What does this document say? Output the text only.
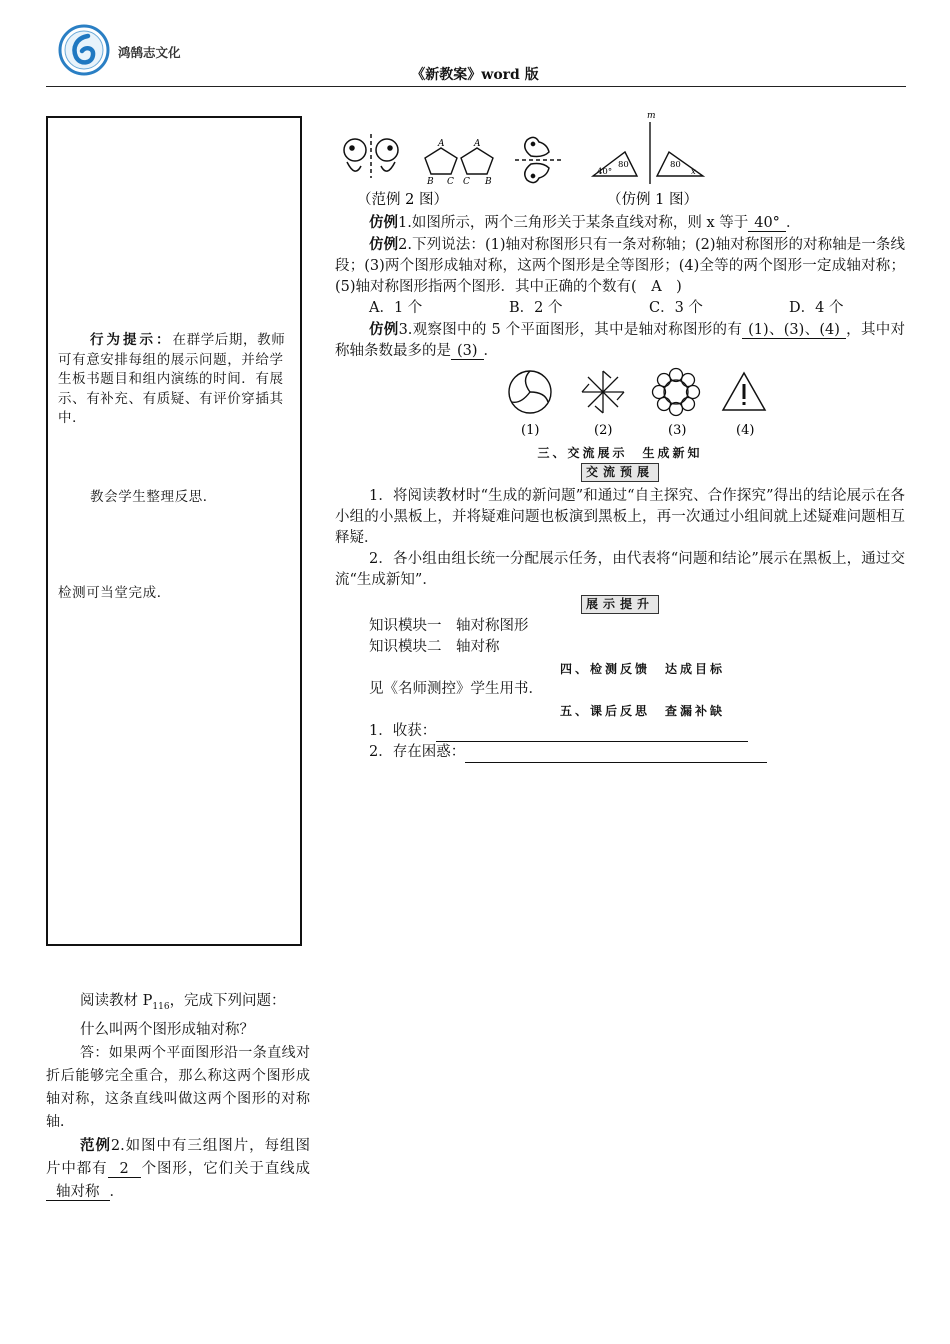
鸿鹄志文化
《新教案》word 版
行为提示：在群学后期，教师可有意安排每组的展示问题，并给学生板书题目和组内演练的时间．有展示、有补充、有质疑、有评价穿插其中．
教会学生整理反思．
检测可当堂完成．
A
B C
A
C B
m
80
40°
80
x
（范例 2 图）	（仿例 1 图）

仿例1.如图所示，两个三角形关于某条直线对称，则 x 等于 40° ．

仿例2.下列说法：(1)轴对称图形只有一条对称轴；(2)轴对称图形的对称轴是一条线段；(3)两个图形成轴对称，这两个图形是全等图形；(4)全等的两个图形一定成轴对称；(5)轴对称图形指两个图形．其中正确的个数有(　A　)

A．1 个	B．2 个	C．3 个	D．4 个

仿例3.观察图中的 5 个平面图形，其中是轴对称图形的有 (1)、(3)、(4) ，其中对称轴条数最多的是 (3) ．

(1)	(2)	(3)	(4)
三、交流展示　生成新知
交流预展

1．将阅读教材时“生成的新问题”和通过“自主探究、合作探究”得出的结论展示在各小组的小黑板上，并将疑难问题也板演到黑板上，再一次通过小组间就上述疑难问题相互释疑．

2．各小组由组长统一分配展示任务，由代表将“问题和结论”展示在黑板上，通过交流“生成新知”．

展示提升

知识模块一　轴对称图形

知识模块二　轴对称

四、检测反馈　达成目标

见《名师测控》学生用书．

五、课后反思　查漏补缺

1．收获：

2．存在困惑：

阅读教材 $P_{116}$，完成下列问题：

什么叫两个图形成轴对称？

答：如果两个平面图形沿一条直线对折后能够完全重合，那么称这两个图形成轴对称，这条直线叫做这两个图形的对称轴．

范例2.如图中有三组图片，每组图片中都有 2 个图形，它们关于直线成轴对称 ．
